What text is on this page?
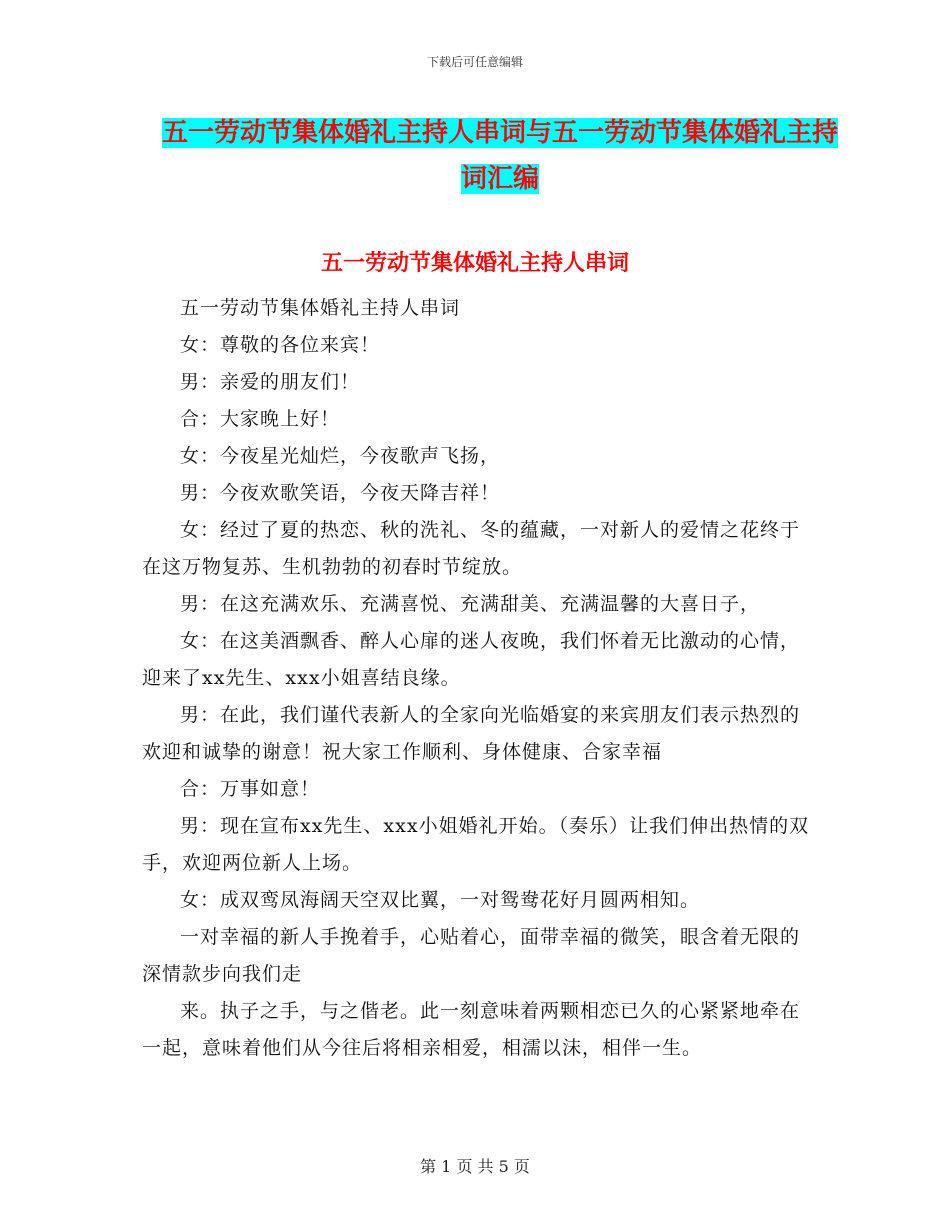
下载后可任意编辑
五一劳动节集体婚礼主持人串词与五一劳动节集体婚礼主持词汇编
五一劳动节集体婚礼主持人串词

五一劳动节集体婚礼主持人串词

女：尊敬的各位来宾！

男：亲爱的朋友们！

合：大家晚上好！

女：今夜星光灿烂，今夜歌声飞扬，

男：今夜欢歌笑语，今夜天降吉祥！

女：经过了夏的热恋、秋的洗礼、冬的蕴藏，一对新人的爱情之花终于在这万物复苏、生机勃勃的初春时节绽放。

男：在这充满欢乐、充满喜悦、充满甜美、充满温馨的大喜日子，

女：在这美酒飘香、醉人心扉的迷人夜晚，我们怀着无比激动的心情，迎来了xx先生、xxx小姐喜结良缘。

男：在此，我们谨代表新人的全家向光临婚宴的来宾朋友们表示热烈的欢迎和诚挚的谢意！祝大家工作顺利、身体健康、合家幸福

合：万事如意！

男：现在宣布xx先生、xxx小姐婚礼开始。（奏乐）让我们伸出热情的双手，欢迎两位新人上场。

女：成双鸾凤海阔天空双比翼，一对鸳鸯花好月圆两相知。

一对幸福的新人手挽着手，心贴着心，面带幸福的微笑，眼含着无限的深情款步向我们走

来。执子之手，与之偕老。此一刻意味着两颗相恋已久的心紧紧地牵在一起，意味着他们从今往后将相亲相爱，相濡以沫，相伴一生。

第 1 页 共 5 页
